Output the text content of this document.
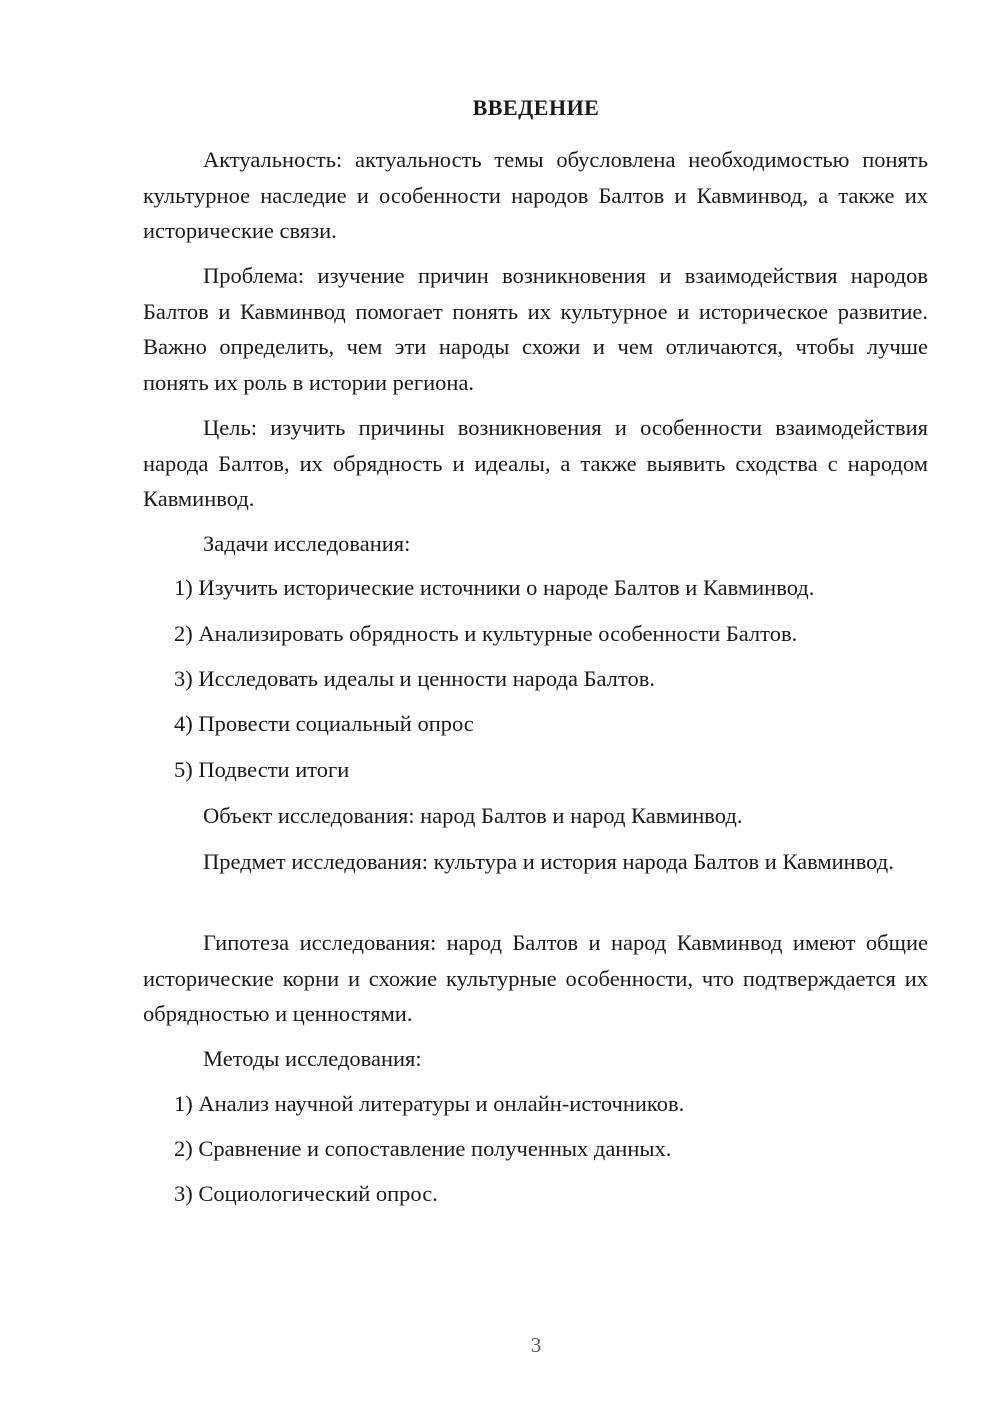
ВВЕДЕНИЕ
Актуальность: актуальность темы обусловлена необходимостью понять культурное наследие и особенности народов Балтов и Кавминвод, а также их исторические связи.
Проблема: изучение причин возникновения и взаимодействия народов Балтов и Кавминвод помогает понять их культурное и историческое развитие. Важно определить, чем эти народы схожи и чем отличаются, чтобы лучше понять их роль в истории региона.
Цель: изучить причины возникновения и особенности взаимодействия народа Балтов, их обрядность и идеалы, а также выявить сходства с народом Кавминвод.
Задачи исследования:
1) Изучить исторические источники о народе Балтов и Кавминвод.
2) Анализировать обрядность и культурные особенности Балтов.
3) Исследовать идеалы и ценности народа Балтов.
4) Провести социальный опрос
5) Подвести итоги
Объект исследования: народ Балтов и народ Кавминвод.
Предмет исследования: культура и история народа Балтов и Кавминвод.
Гипотеза исследования: народ Балтов и народ Кавминвод имеют общие исторические корни и схожие культурные особенности, что подтверждается их обрядностью и ценностями.
Методы исследования:
1) Анализ научной литературы и онлайн-источников.
2) Сравнение и сопоставление полученных данных.
3) Социологический опрос.
3
